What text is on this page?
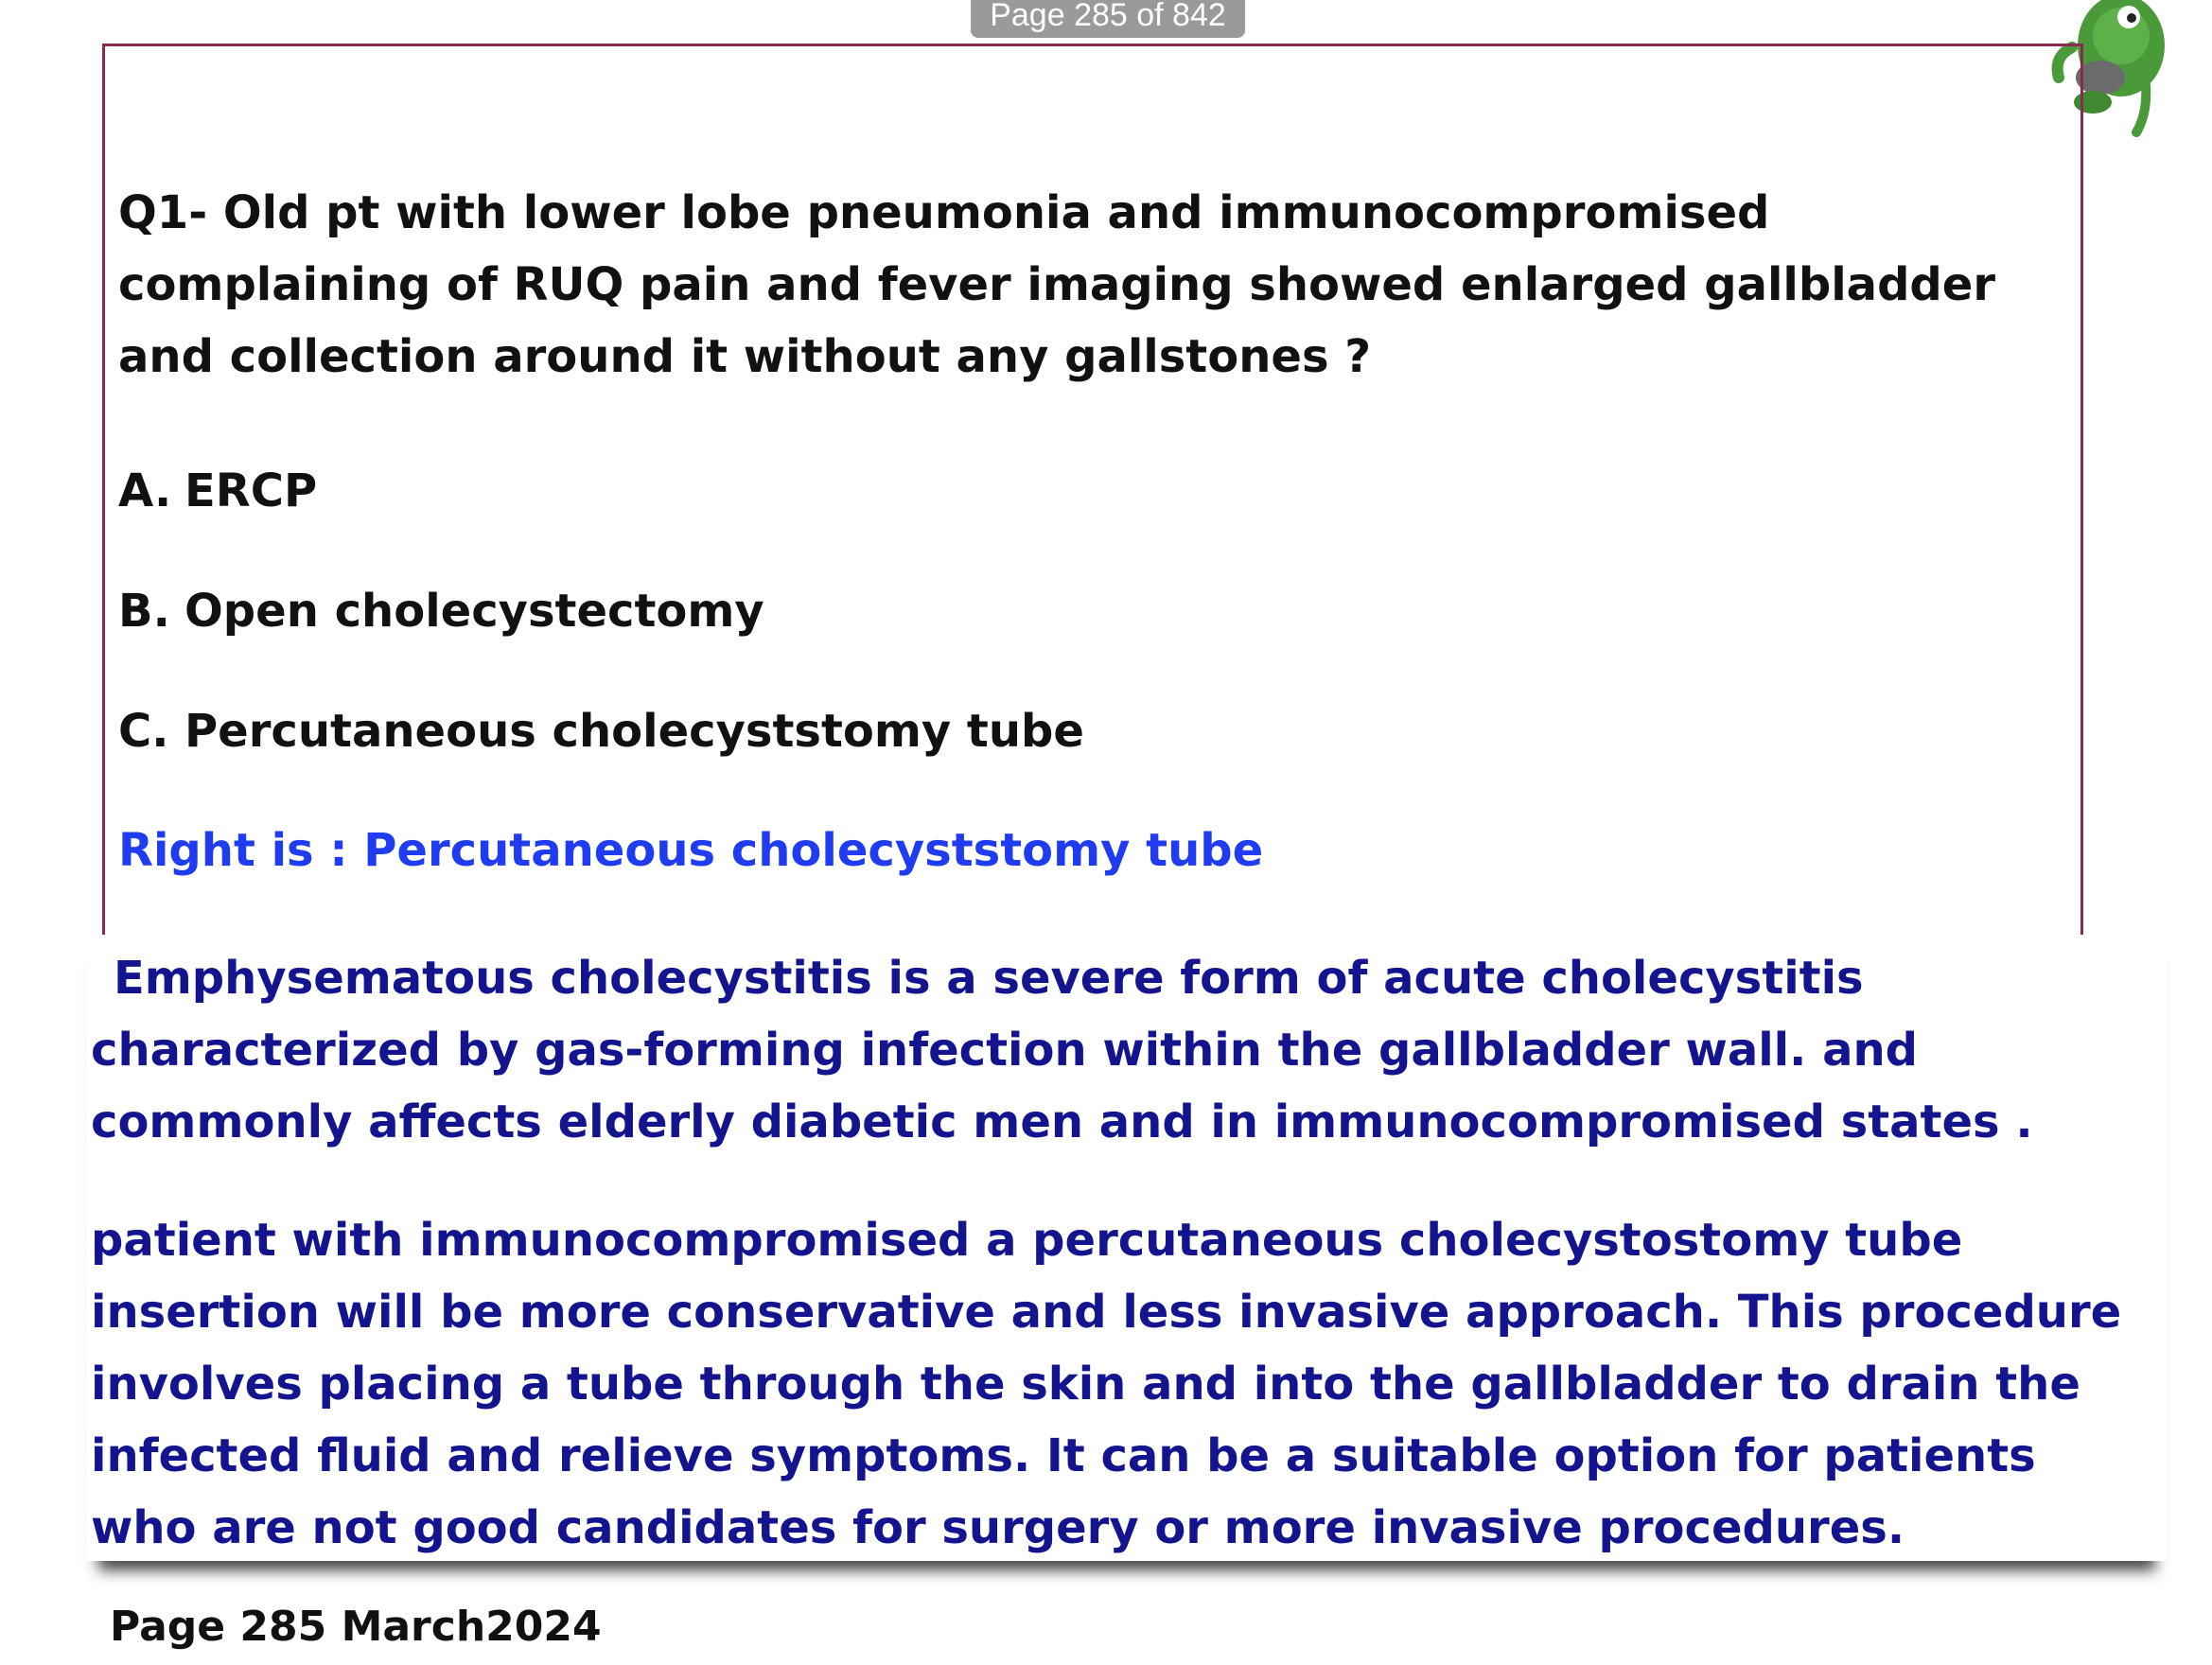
Page 285 of 842

Q1- Old pt with lower lobe pneumonia and immunocompromised complaining of RUQ pain and fever imaging showed enlarged gallbladder and collection around it without any gallstones ?

A. ERCP

B. Open cholecystectomy

C. Percutaneous cholecyststomy tube

Right is : Percutaneous cholecyststomy tube

Emphysematous cholecystitis is a severe form of acute cholecystitis characterized by gas-forming infection within the gallbladder wall. and commonly affects elderly diabetic men and in immunocompromised states .

patient with immunocompromised a percutaneous cholecystostomy tube insertion will be more conservative and less invasive approach. This procedure involves placing a tube through the skin and into the gallbladder to drain the infected fluid and relieve symptoms. It can be a suitable option for patients who are not good candidates for surgery or more invasive procedures.

Page 285 March2024
